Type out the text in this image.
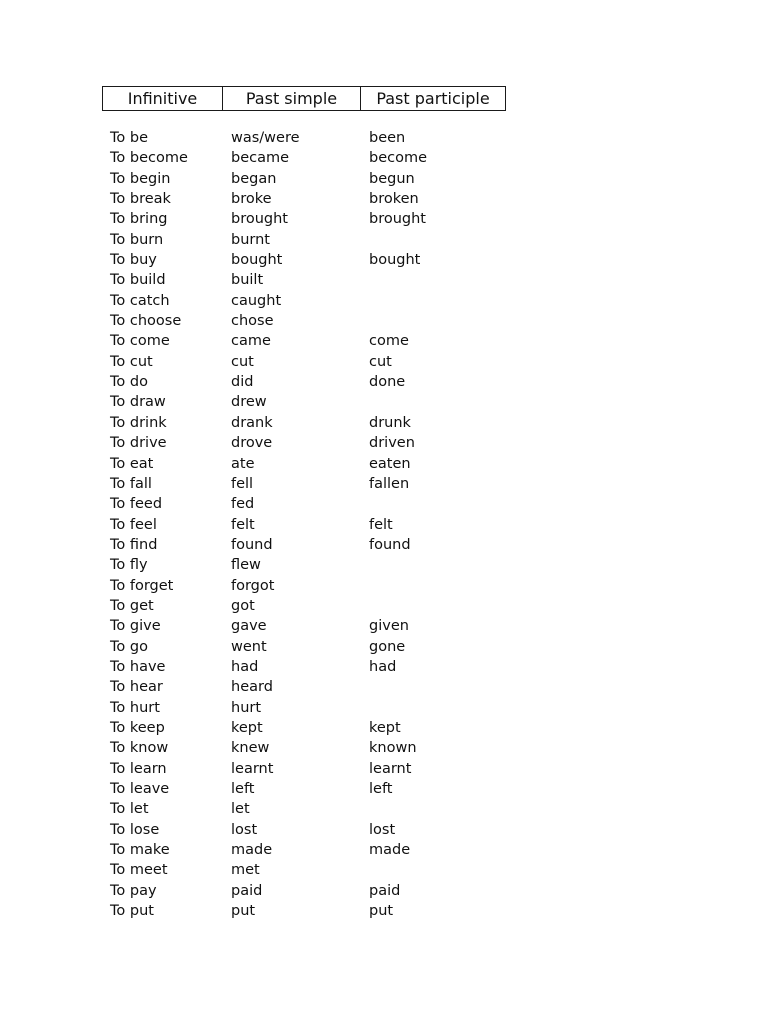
Infinitive	Past simple	Past participle
To be	was/were	been
To become	became	become
To begin	began	begun
To break	broke	broken
To bring	brought	brought
To burn	burnt
To buy	bought	bought
To build	built
To catch	caught
To choose	chose
To come	came	come
To cut	cut	cut
To do	did	done
To draw	drew
To drink	drank	drunk
To drive	drove	driven
To eat	ate	eaten
To fall	fell	fallen
To feed	fed
To feel	felt	felt
To find	found	found
To fly	flew
To forget	forgot
To get	got
To give	gave	given
To go	went	gone
To have	had	had
To hear	heard
To hurt	hurt
To keep	kept	kept
To know	knew	known
To learn	learnt	learnt
To leave	left	left
To let	let
To lose	lost	lost
To make	made	made
To meet	met
To pay	paid	paid
To put	put	put
